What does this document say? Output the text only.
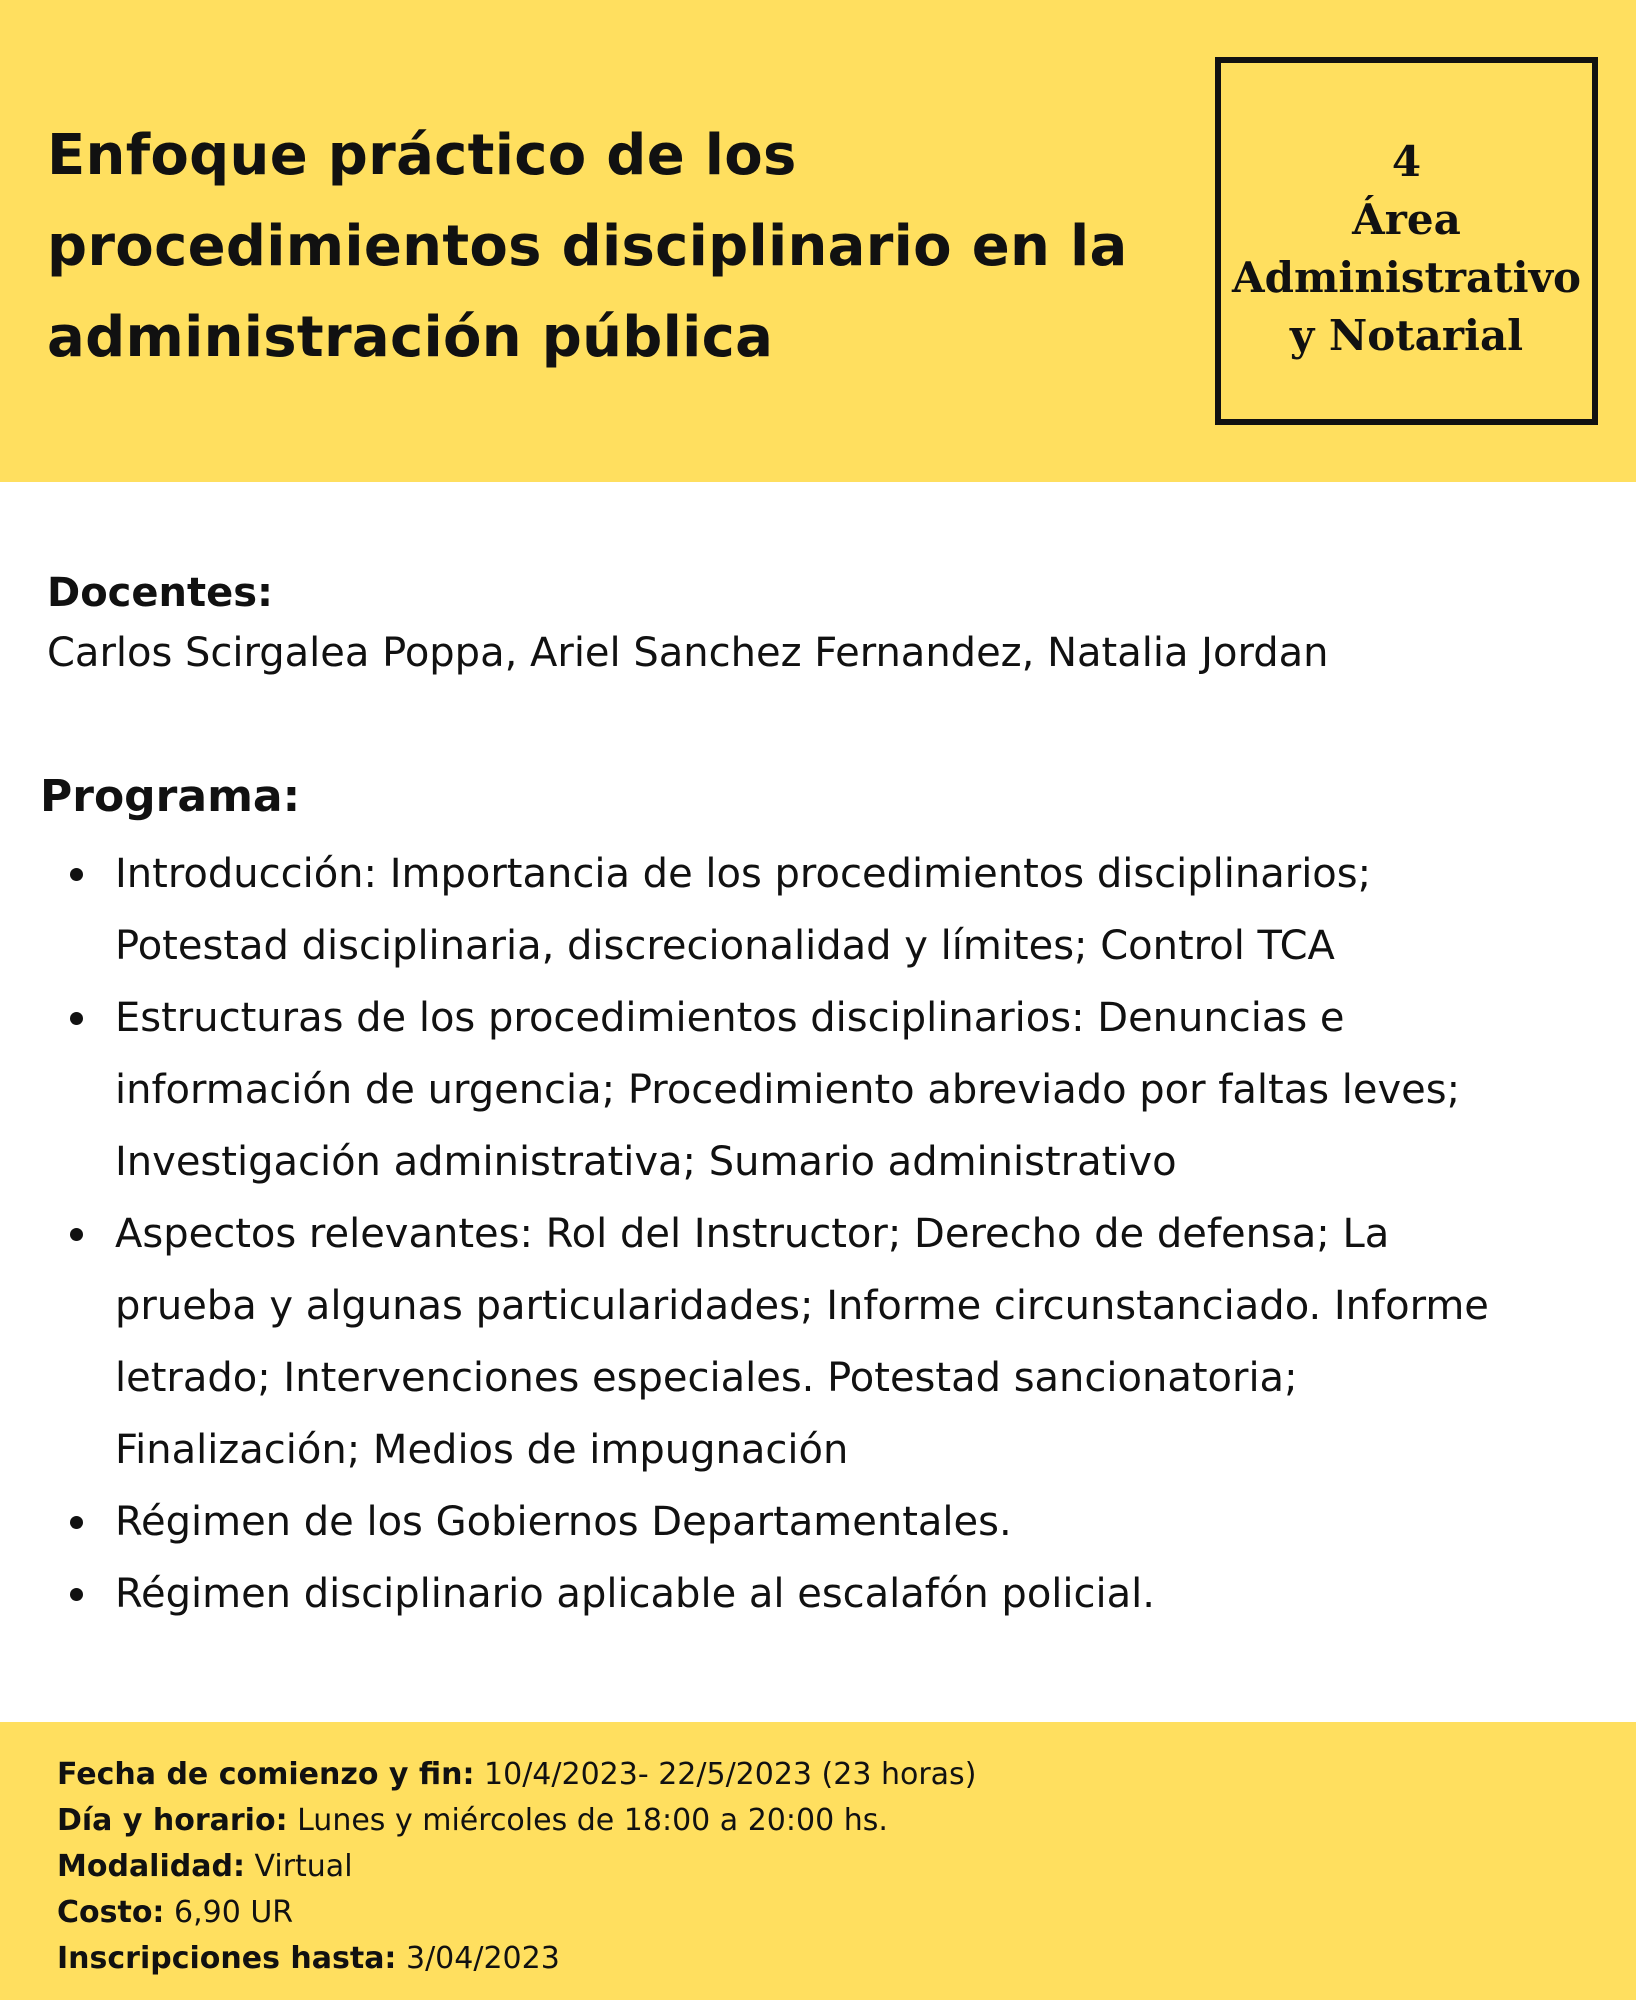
Enfoque práctico de los
procedimientos disciplinario en la
administración pública
4
Área
Administrativo
y Notarial
Docentes:

Carlos Scirgalea Poppa, Ariel Sanchez Fernandez, Natalia Jordan

Programa:
Introducción: Importancia de los procedimientos disciplinarios;
Potestad disciplinaria, discrecionalidad y límites; Control TCA
Estructuras de los procedimientos disciplinarios: Denuncias e
información de urgencia; Procedimiento abreviado por faltas leves;
Investigación administrativa; Sumario administrativo
Aspectos relevantes: Rol del Instructor; Derecho de defensa; La
prueba y algunas particularidades; Informe circunstanciado. Informe
letrado; Intervenciones especiales. Potestad sancionatoria;
Finalización; Medios de impugnación
Régimen de los Gobiernos Departamentales.
Régimen disciplinario aplicable al escalafón policial.
Fecha de comienzo y fin: 10/4/2023- 22/5/2023 (23 horas)
Día y horario: Lunes y miércoles de 18:00 a 20:00 hs.
Modalidad: Virtual
Costo: 6,90 UR
Inscripciones hasta: 3/04/2023
